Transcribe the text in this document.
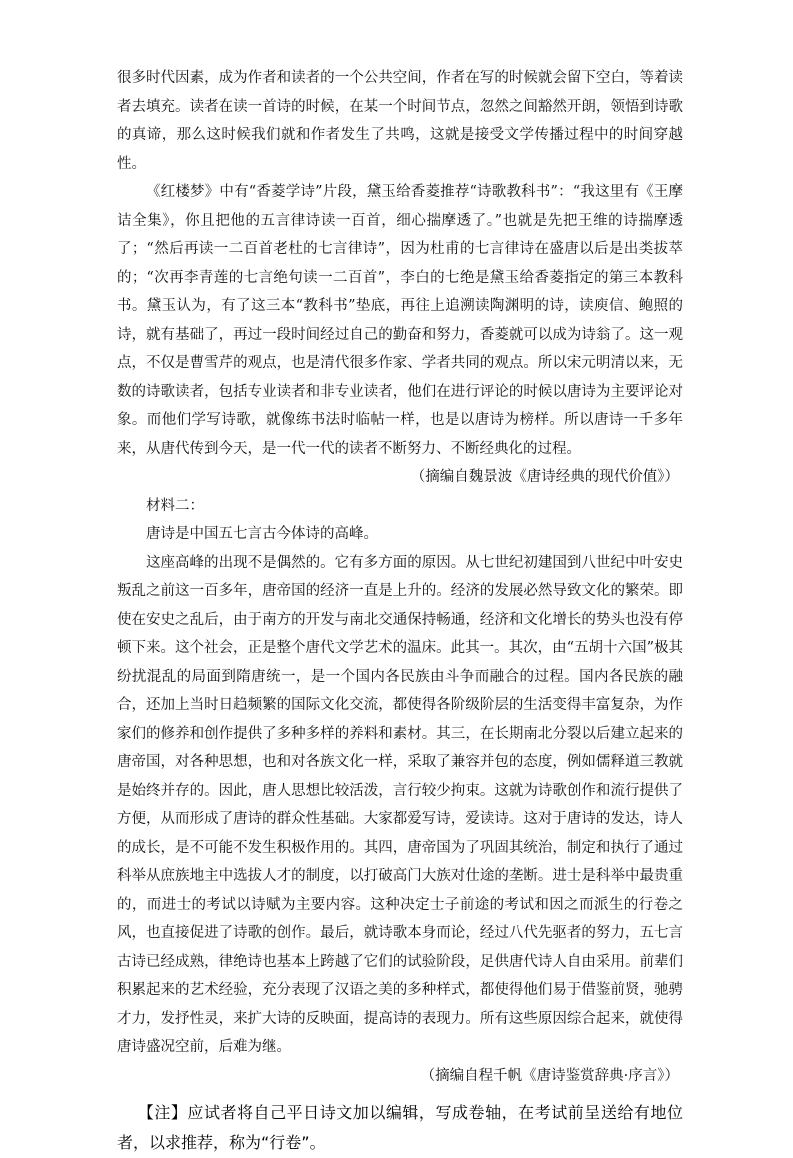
很多时代因素，成为作者和读者的一个公共空间，作者在写的时候就会留下空白，等着读者去填充。读者在读一首诗的时候，在某一个时间节点，忽然之间豁然开朗，领悟到诗歌的真谛，那么这时候我们就和作者发生了共鸣，这就是接受文学传播过程中的时间穿越性。

《红楼梦》中有“香菱学诗”片段，黛玉给香菱推荐“诗歌教科书”：“我这里有《王摩诘全集》，你且把他的五言律诗读一百首，细心揣摩透了。”也就是先把王维的诗揣摩透了；“然后再读一二百首老杜的七言律诗”，因为杜甫的七言律诗在盛唐以后是出类拔萃的；“次再李青莲的七言绝句读一二百首”，李白的七绝是黛玉给香菱指定的第三本教科书。黛玉认为，有了这三本“教科书”垫底，再往上追溯读陶渊明的诗，读庾信、鲍照的诗，就有基础了，再过一段时间经过自己的勤奋和努力，香菱就可以成为诗翁了。这一观点，不仅是曹雪芹的观点，也是清代很多作家、学者共同的观点。所以宋元明清以来，无数的诗歌读者，包括专业读者和非专业读者，他们在进行评论的时候以唐诗为主要评论对象。而他们学写诗歌，就像练书法时临帖一样，也是以唐诗为榜样。所以唐诗一千多年来，从唐代传到今天，是一代一代的读者不断努力、不断经典化的过程。

（摘编自魏景波《唐诗经典的现代价值》）

材料二：

唐诗是中国五七言古今体诗的高峰。

这座高峰的出现不是偶然的。它有多方面的原因。从七世纪初建国到八世纪中叶安史叛乱之前这一百多年，唐帝国的经济一直是上升的。经济的发展必然导致文化的繁荣。即使在安史之乱后，由于南方的开发与南北交通保持畅通，经济和文化增长的势头也没有停顿下来。这个社会，正是整个唐代文学艺术的温床。此其一。其次，由“五胡十六国”极其纷扰混乱的局面到隋唐统一，是一个国内各民族由斗争而融合的过程。国内各民族的融合，还加上当时日趋频繁的国际文化交流，都使得各阶级阶层的生活变得丰富复杂，为作家们的修养和创作提供了多种多样的养料和素材。其三，在长期南北分裂以后建立起来的唐帝国，对各种思想，也和对各族文化一样，采取了兼容并包的态度，例如儒释道三教就是始终并存的。因此，唐人思想比较活泼，言行较少拘束。这就为诗歌创作和流行提供了方便，从而形成了唐诗的群众性基础。大家都爱写诗，爱读诗。这对于唐诗的发达，诗人的成长，是不可能不发生积极作用的。其四，唐帝国为了巩固其统治，制定和执行了通过科举从庶族地主中选拔人才的制度，以打破高门大族对仕途的垄断。进士是科举中最贵重的，而进士的考试以诗赋为主要内容。这种决定士子前途的考试和因之而派生的行卷之风，也直接促进了诗歌的创作。最后，就诗歌本身而论，经过八代先驱者的努力，五七言古诗已经成熟，律绝诗也基本上跨越了它们的试验阶段，足供唐代诗人自由采用。前辈们积累起来的艺术经验，充分表现了汉语之美的多种样式，都使得他们易于借鉴前贤，驰骋才力，发抒性灵，来扩大诗的反映面，提高诗的表现力。所有这些原因综合起来，就使得唐诗盛况空前，后难为继。

（摘编自程千帆《唐诗鉴赏辞典·序言》）

【注】应试者将自己平日诗文加以编辑，写成卷轴，在考试前呈送给有地位者，以求推荐，称为“行卷”。
